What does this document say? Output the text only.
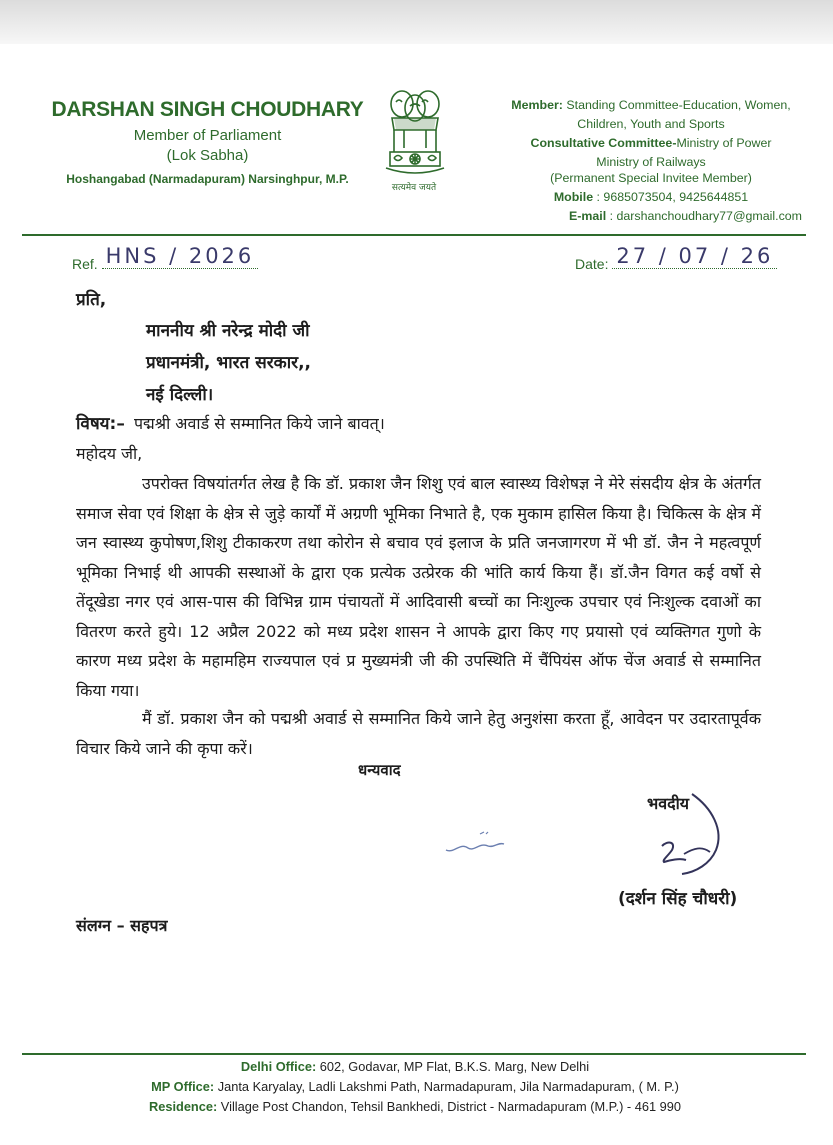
DARSHAN SINGH CHOUDHARY
Member of Parliament
(Lok Sabha)
Hoshangabad (Narmadapuram) Narsinghpur, M.P.
सत्यमेव जयते
Member: Standing Committee-Education, Women, Children, Youth and Sports
Consultative Committee-Ministry of Power
Ministry of Railways
(Permanent Special Invitee Member)
Mobile : 9685073504, 9425644851
E-mail : darshanchoudhary77@gmail.com
Ref. HNS / 2026	Date: 27 / 07 / 26
प्रति,
माननीय श्री नरेन्द्र मोदी जी
प्रधानमंत्री, भारत सरकार,,
नई दिल्ली।
विषय:– पद्मश्री अवार्ड से सम्मानित किये जाने बावत्।
महोदय जी,
उपरोक्त विषयांतर्गत लेख है कि डॉ. प्रकाश जैन शिशु एवं बाल स्वास्थ्य विशेषज्ञ ने मेरे संसदीय क्षेत्र के अंतर्गत समाज सेवा एवं शिक्षा के क्षेत्र से जुड़े कार्यों में अग्रणी भूमिका निभाते है, एक मुकाम हासिल किया है। चिकित्स के क्षेत्र में जन स्वास्थ्य कुपोषण,शिशु टीकाकरण तथा कोरोन से बचाव एवं इलाज के प्रति जनजागरण में भी डॉ. जैन ने महत्वपूर्ण भूमिका निभाई थी आपकी सस्थाओं के द्वारा एक प्रत्येक उत्प्रेरक की भांति कार्य किया हैं। डॉ.जैन विगत कई वर्षो से तेंदूखेडा नगर एवं आस-पास की विभिन्न ग्राम पंचायतों में आदिवासी बच्चों का निःशुल्क उपचार एवं निःशुल्क दवाओं का वितरण करते हुये। 12 अप्रैल 2022 को मध्य प्रदेश शासन ने आपके द्वारा किए गए प्रयासो एवं व्यक्तिगत गुणो के कारण मध्य प्रदेश के महामहिम राज्यपाल एवं प्र मुख्यमंत्री जी की उपस्थिति में चैंपियंस ऑफ चेंज अवार्ड से सम्मानित किया गया।
मैं डॉ. प्रकाश जैन को पद्मश्री अवार्ड से सम्मानित किये जाने हेतु अनुशंसा करता हूँ, आवेदन पर उदारतापूर्वक विचार किये जाने की कृपा करें।
धन्यवाद
भवदीय
(दर्शन सिंह चौधरी)
संलग्न – सहपत्र
Delhi Office: 602, Godavar, MP Flat, B.K.S. Marg, New Delhi
MP Office: Janta Karyalay, Ladli Lakshmi Path, Narmadapuram, Jila Narmadapuram, ( M. P.)
Residence: Village Post Chandon, Tehsil Bankhedi, District - Narmadapuram (M.P.) - 461 990
